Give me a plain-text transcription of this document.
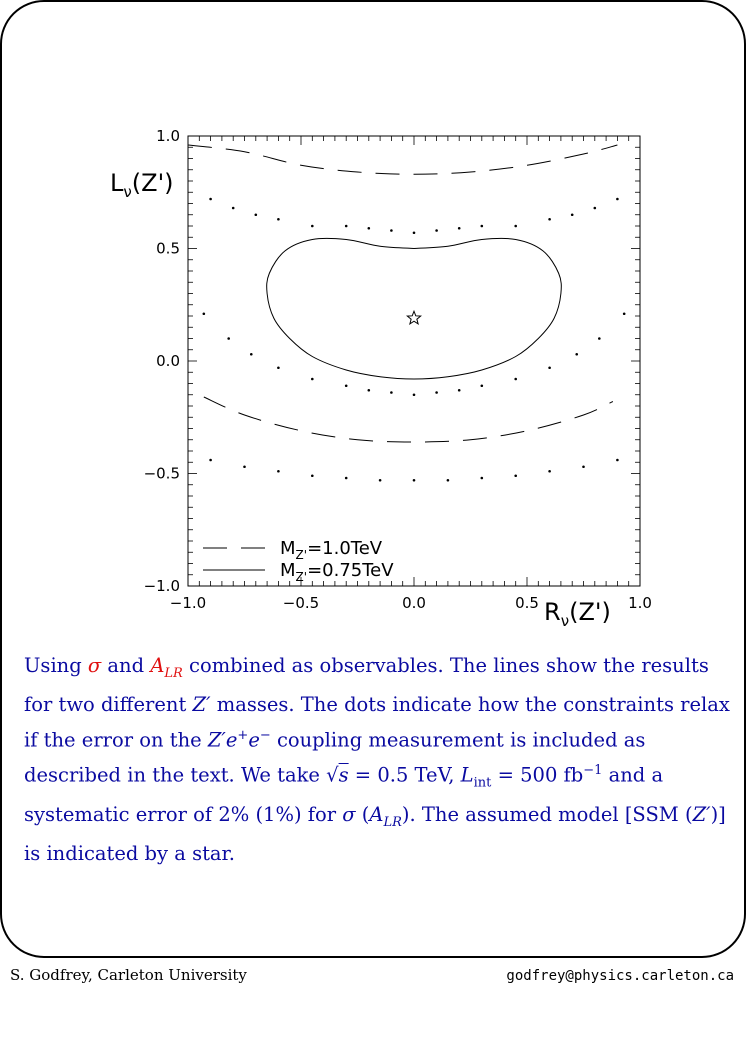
−1.0	−0.5	0.0	0.5	1.0
1.0
0.5
0.0
−0.5
−1.0
$L_\nu(Z')$
$R_\nu(Z')$
$M_{Z'}=1.0TeV$
$M_{Z'}=0.75TeV$
Using σ and $A_{LR}$ combined as observables. The lines show the results for two different Z′ masses. The dots indicate how the constraints relax if the error on the Z′e+e− coupling measurement is included as described in the text. We take √s = 0.5 TeV, $L_{int} = 500$ $fb^{-1}$ and a systematic error of 2% (1%) for σ $(A_{LR})$. The assumed model [SSM (Z′)] is indicated by a star.
S. Godfrey, Carleton University	godfrey@physics.carleton.ca
